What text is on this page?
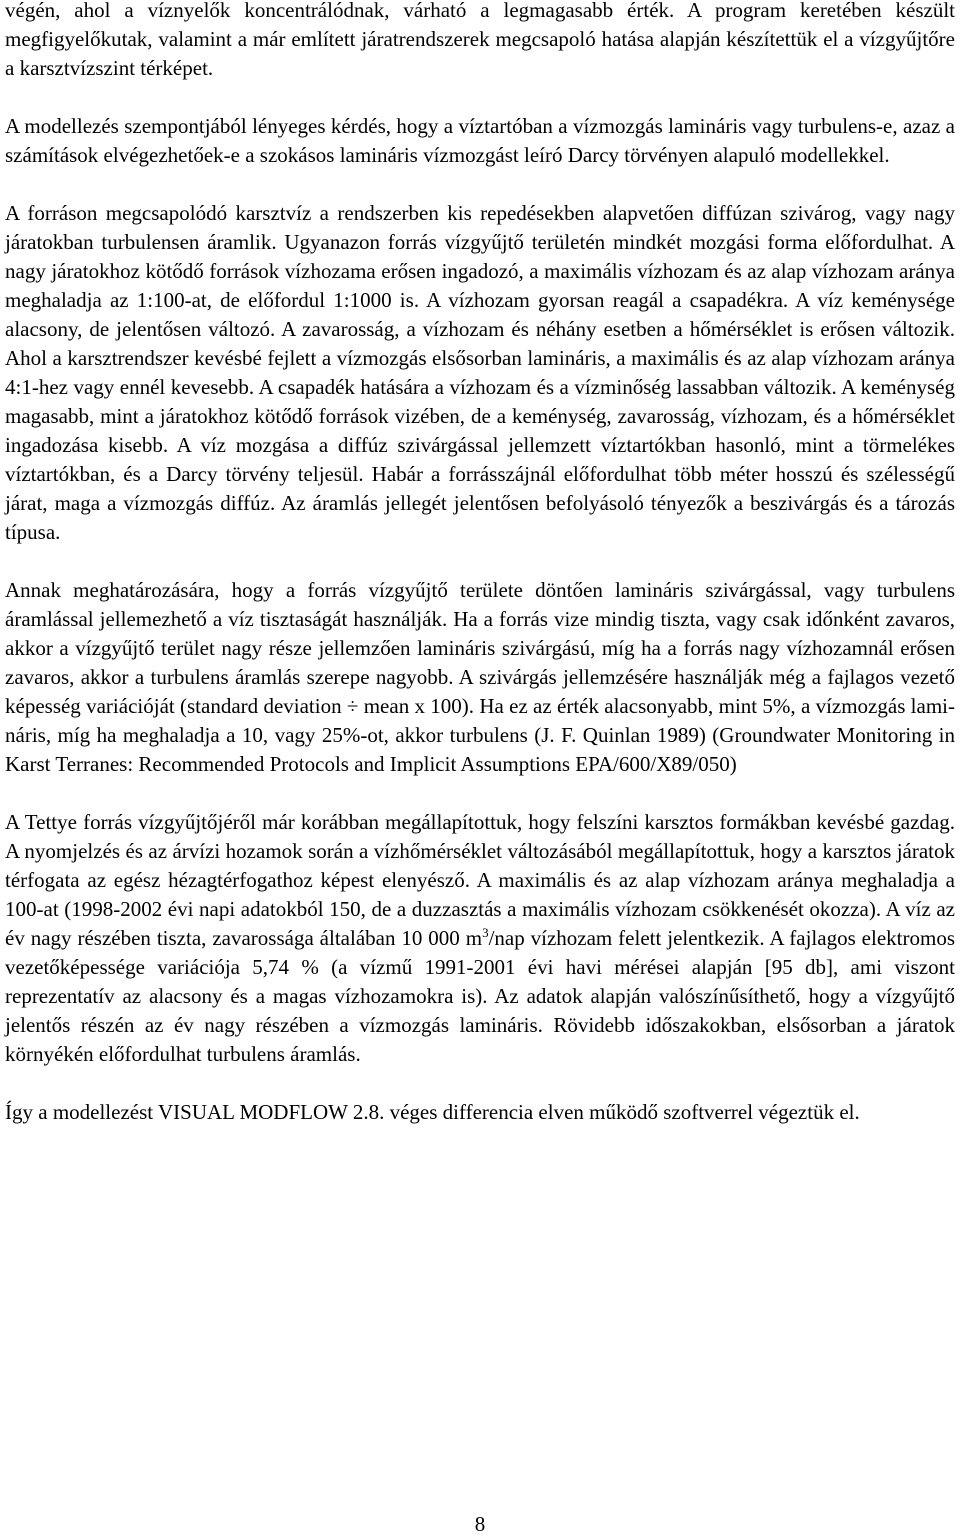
végén, ahol a víznyelők koncentrálódnak, várható a legmagasabb érték. A program keretében készült megfigyelőkutak, valamint a már említett járatrendszerek megcsapoló hatása alapján készítettük el a vízgyűjtőre a karsztvízszint térképet.

A modellezés szempontjából lényeges kérdés, hogy a víztartóban a vízmozgás lamináris vagy turbulens-e, azaz a számítások elvégezhetőek-e a szokásos lamináris vízmozgást leíró Darcy törvényen alapuló modellekkel.

A forráson megcsapolódó karsztvíz a rendszerben kis repedésekben alapvetően diffúzan szivárog, vagy nagy járatokban turbulensen áramlik. Ugyanazon forrás vízgyűjtő területén mindkét mozgási forma előfordulhat. A nagy járatokhoz kötődő források vízhozama erősen ingadozó, a maximális vízhozam és az alap vízhozam aránya meghaladja az 1:100-at, de előfordul 1:1000 is. A vízhozam gyorsan reagál a csapadékra. A víz keménysége alacsony, de jelentősen változó. A zavarosság, a vízhozam és néhány esetben a hőmérséklet is erősen változik. Ahol a karsztrendszer kevésbé fejlett a vízmozgás elsősorban lamináris, a maximális és az alap vízhozam aránya 4:1-hez vagy ennél kevesebb. A csapadék hatására a vízhozam és a vízminőség lassabban változik. A keménység magasabb, mint a járatokhoz kötődő források vizében, de a keménység, zavarosság, vízhozam, és a hőmérséklet ingadozása kisebb. A víz mozgása a diffúz szivárgással jellemzett víztartókban hasonló, mint a törmelékes víztartókban, és a Darcy törvény teljesül. Habár a forrásszájnál előfordulhat több méter hosszú és szélességű járat, maga a vízmozgás diffúz. Az áramlás jellegét jelentősen befolyásoló tényezők a beszivárgás és a tározás típusa.

Annak meghatározására, hogy a forrás vízgyűjtő területe döntően lamináris szivárgással, vagy turbulens áramlással jellemezhető a víz tisztaságát használják. Ha a forrás vize mindig tiszta, vagy csak időnként zavaros, akkor a vízgyűjtő terület nagy része jellemzően lamináris szivárgású, míg ha a forrás nagy vízhozamnál erősen zavaros, akkor a turbulens áramlás szerepe nagyobb. A szivárgás jellemzésére használják még a fajlagos vezető képesség variációját (standard deviation ÷ mean x 100). Ha ez az érték alacsonyabb, mint 5%, a vízmozgás lamináris, míg ha meghaladja a 10, vagy 25%-ot, akkor turbulens (J. F. Quinlan 1989) (Groundwater Monitoring in Karst Terranes: Recommended Protocols and Implicit Assumptions EPA/600/X89/050)

A Tettye forrás vízgyűjtőjéről már korábban megállapítottuk, hogy felszíni karsztos formákban kevésbé gazdag. A nyomjelzés és az árvízi hozamok során a vízhőmérséklet változásából megállapítottuk, hogy a karsztos járatok térfogata az egész hézagtérfogathoz képest elenyésző. A maximális és az alap vízhozam aránya meghaladja a 100-at (1998-2002 évi napi adatokból 150, de a duzzasztás a maximális vízhozam csökkenését okozza). A víz az év nagy részében tiszta, zavarossága általában 10 000 $m^3$/nap vízhozam felett jelentkezik. A fajlagos elektromos vezetőképessége variációja 5,74 % (a vízmű 1991-2001 évi havi mérései alapján [95 db], ami viszont reprezentatív az alacsony és a magas vízhozamokra is). Az adatok alapján valószínűsíthető, hogy a vízgyűjtő jelentős részén az év nagy részében a vízmozgás lamináris. Rövidebb időszakokban, elsősorban a járatok környékén előfordulhat turbulens áramlás.

Így a modellezést VISUAL MODFLOW 2.8. véges differencia elven működő szoftverrel végeztük el.

8
